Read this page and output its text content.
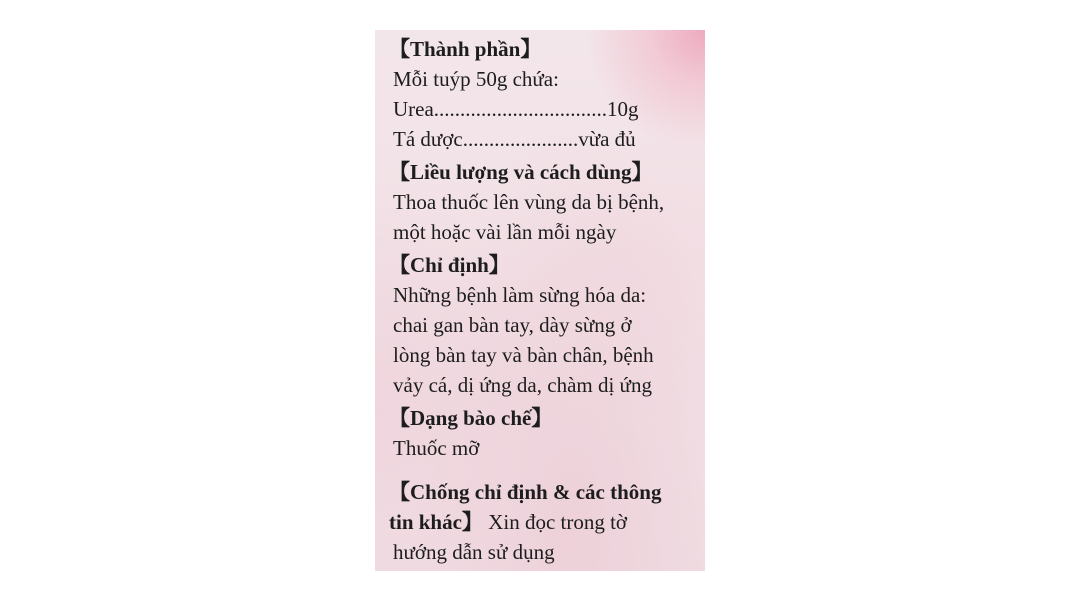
【Thành phần】
Mỗi tuýp 50g chứa:
Urea.................................10g
Tá dược......................vừa đủ
【Liều lượng và cách dùng】
Thoa thuốc lên vùng da bị bệnh,
một hoặc vài lần mỗi ngày
【Chỉ định】
Những bệnh làm sừng hóa da:
chai gan bàn tay, dày sừng ở
lòng bàn tay và bàn chân, bệnh
vảy cá, dị ứng da, chàm dị ứng
【Dạng bào chế】
Thuốc mỡ
【Chống chỉ định & các thông
tin khác】 Xin đọc trong tờ
hướng dẫn sử dụng
